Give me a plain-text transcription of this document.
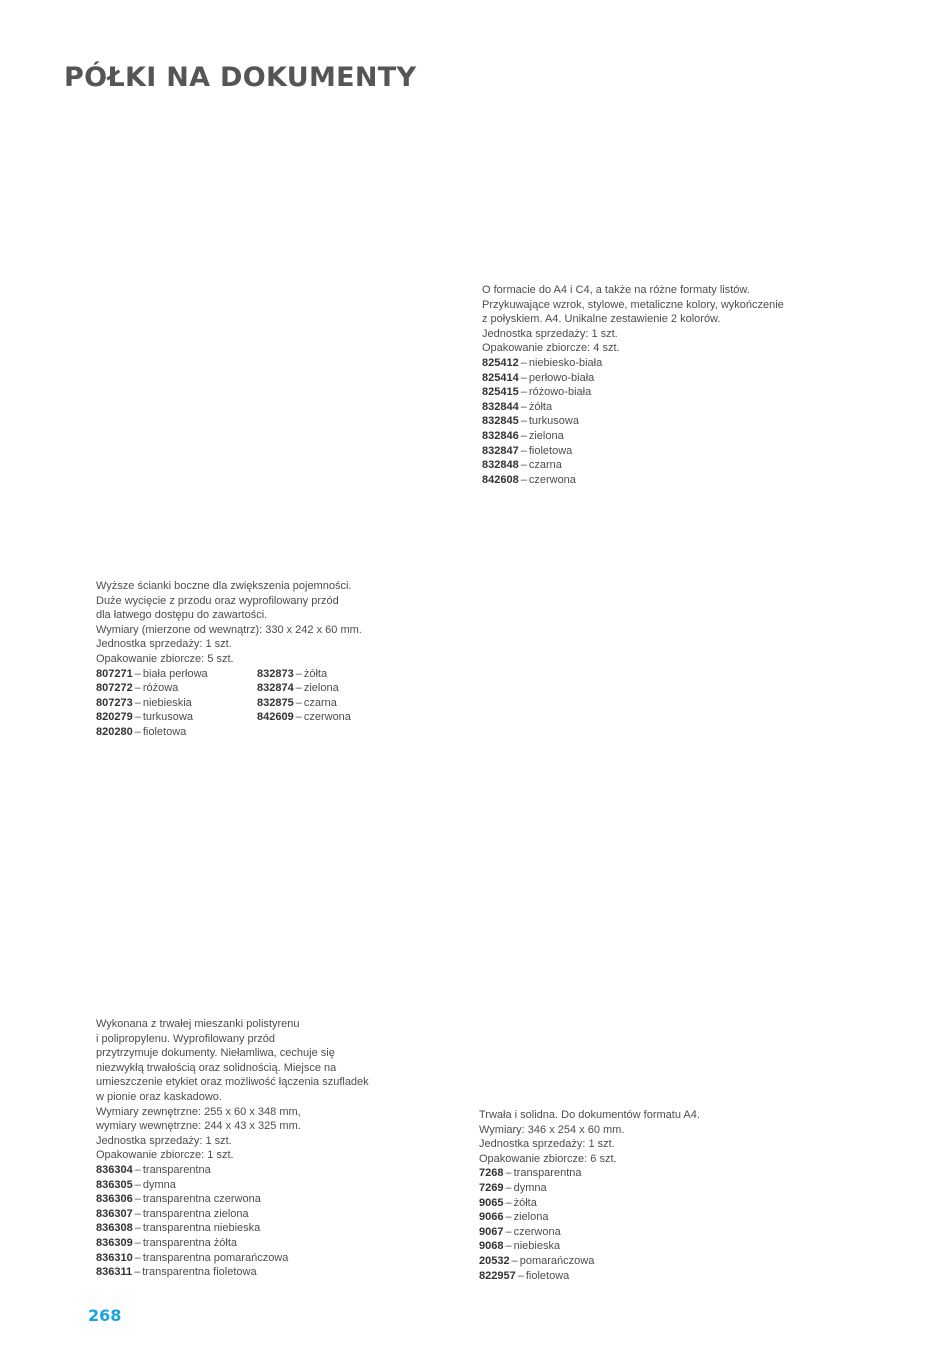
PÓŁKI NA DOKUMENTY

O formacie do A4 i C4, a także na różne formaty listów.

Przykuwające wzrok, stylowe, metaliczne kolory, wykończenie

z połyskiem. A4. Unikalne zestawienie 2 kolorów.

Jednostka sprzedaży: 1 szt.

Opakowanie zbiorcze: 4 szt.

825412 – niebiesko-biała
825414 – perłowo-biała
825415 – różowo-biała
832844 – żółta
832845 – turkusowa
832846 – zielona
832847 – fioletowa
832848 – czarna
842608 – czerwona

Wyższe ścianki boczne dla zwiększenia pojemności.

Duże wycięcie z przodu oraz wyprofilowany przód

dla łatwego dostępu do zawartości.

Wymiary (mierzone od wewnątrz): 330 x 242 x 60 mm.

Jednostka sprzedaży: 1 szt.

Opakowanie zbiorcze: 5 szt.

807271 – biała perłowa
807272 – różowa
807273 – niebieskia
820279 – turkusowa
820280 – fioletowa
832873 – żółta
832874 – zielona
832875 – czarna
842609 – czerwona

Wykonana z trwałej mieszanki polistyrenu

i polipropylenu. Wyprofilowany przód

przytrzymuje dokumenty. Niełamliwa, cechuje się

niezwykłą trwałością oraz solidnością. Miejsce na

umieszczenie etykiet oraz możliwość łączenia szufladek

w pionie oraz kaskadowo.

Wymiary zewnętrzne: 255 x 60 x 348 mm,

wymiary wewnętrzne: 244 x 43 x 325 mm.

Jednostka sprzedaży: 1 szt.

Opakowanie zbiorcze: 1 szt.

836304 – transparentna
836305 – dymna
836306 – transparentna czerwona
836307 – transparentna zielona
836308 – transparentna niebieska
836309 – transparentna żółta
836310 – transparentna pomarańczowa
836311 – transparentna fioletowa

Trwała i solidna. Do dokumentów formatu A4.

Wymiary: 346 x 254 x 60 mm.

Jednostka sprzedaży: 1 szt.

Opakowanie zbiorcze: 6 szt.

7268 – transparentna
7269 – dymna
9065 – żółta
9066 – zielona
9067 – czerwona
9068 – niebieska
20532 – pomarańczowa
822957 – fioletowa
268
